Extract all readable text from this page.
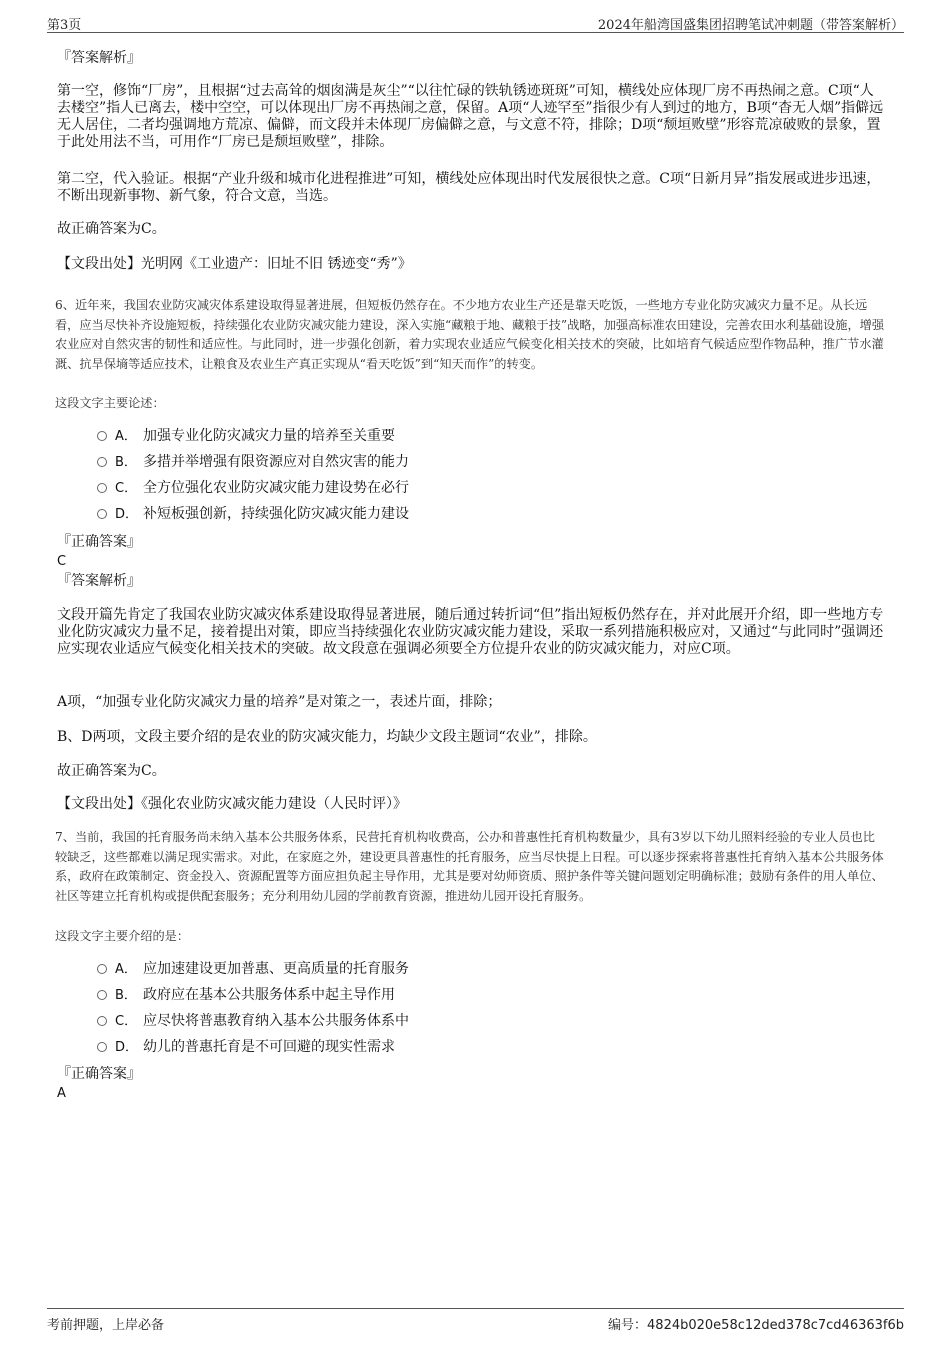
第3页	2024年船湾国盛集团招聘笔试冲刺题（带答案解析）
『答案解析』
第一空，修饰“厂房”，且根据“过去高耸的烟囱满是灰尘”“以往忙碌的铁轨锈迹斑斑”可知，横线处应体现厂房不再热闹之意。C项“人去楼空”指人已离去，楼中空空，可以体现出厂房不再热闹之意，保留。A项“人迹罕至”指很少有人到过的地方，B项“杳无人烟”指僻远无人居住，二者均强调地方荒凉、偏僻，而文段并未体现厂房偏僻之意，与文意不符，排除；D项“颓垣败壁”形容荒凉破败的景象，置于此处用法不当，可用作“厂房已是颓垣败壁”，排除。
第二空，代入验证。根据“产业升级和城市化进程推进”可知，横线处应体现出时代发展很快之意。C项“日新月异”指发展或进步迅速，不断出现新事物、新气象，符合文意，当选。
故正确答案为C。
【文段出处】光明网《工业遗产：旧址不旧 锈迹变“秀”》
6、近年来，我国农业防灾减灾体系建设取得显著进展，但短板仍然存在。不少地方农业生产还是靠天吃饭，一些地方专业化防灾减灾力量不足。从长远看，应当尽快补齐设施短板，持续强化农业防灾减灾能力建设，深入实施“藏粮于地、藏粮于技”战略，加强高标准农田建设，完善农田水利基础设施，增强农业应对自然灾害的韧性和适应性。与此同时，进一步强化创新，着力实现农业适应气候变化相关技术的突破，比如培育气候适应型作物品种，推广节水灌溉、抗旱保墒等适应技术，让粮食及农业生产真正实现从“看天吃饭”到“知天而作”的转变。
这段文字主要论述：
A． 加强专业化防灾减灾力量的培养至关重要
B． 多措并举增强有限资源应对自然灾害的能力
C． 全方位强化农业防灾减灾能力建设势在必行
D． 补短板强创新，持续强化防灾减灾能力建设
『正确答案』
C
『答案解析』
文段开篇先肯定了我国农业防灾减灾体系建设取得显著进展，随后通过转折词“但”指出短板仍然存在，并对此展开介绍，即一些地方专业化防灾减灾力量不足，接着提出对策，即应当持续强化农业防灾减灾能力建设，采取一系列措施积极应对，又通过“与此同时”强调还应实现农业适应气候变化相关技术的突破。故文段意在强调必须要全方位提升农业的防灾减灾能力，对应C项。
A项，“加强专业化防灾减灾力量的培养”是对策之一，表述片面，排除；
B、D两项，文段主要介绍的是农业的防灾减灾能力，均缺少文段主题词“农业”，排除。
故正确答案为C。
【文段出处】《强化农业防灾减灾能力建设（人民时评）》
7、当前，我国的托育服务尚未纳入基本公共服务体系，民营托育机构收费高，公办和普惠性托育机构数量少，具有3岁以下幼儿照料经验的专业人员也比较缺乏，这些都难以满足现实需求。对此，在家庭之外，建设更具普惠性的托育服务，应当尽快提上日程。可以逐步探索将普惠性托育纳入基本公共服务体系，政府在政策制定、资金投入、资源配置等方面应担负起主导作用，尤其是要对幼师资质、照护条件等关键问题划定明确标准；鼓励有条件的用人单位、社区等建立托育机构或提供配套服务；充分利用幼儿园的学前教育资源，推进幼儿园开设托育服务。
这段文字主要介绍的是：
A． 应加速建设更加普惠、更高质量的托育服务
B． 政府应在基本公共服务体系中起主导作用
C． 应尽快将普惠教育纳入基本公共服务体系中
D． 幼儿的普惠托育是不可回避的现实性需求
『正确答案』
A
考前押题，上岸必备	编号：4824b020e58c12ded378c7cd46363f6b
